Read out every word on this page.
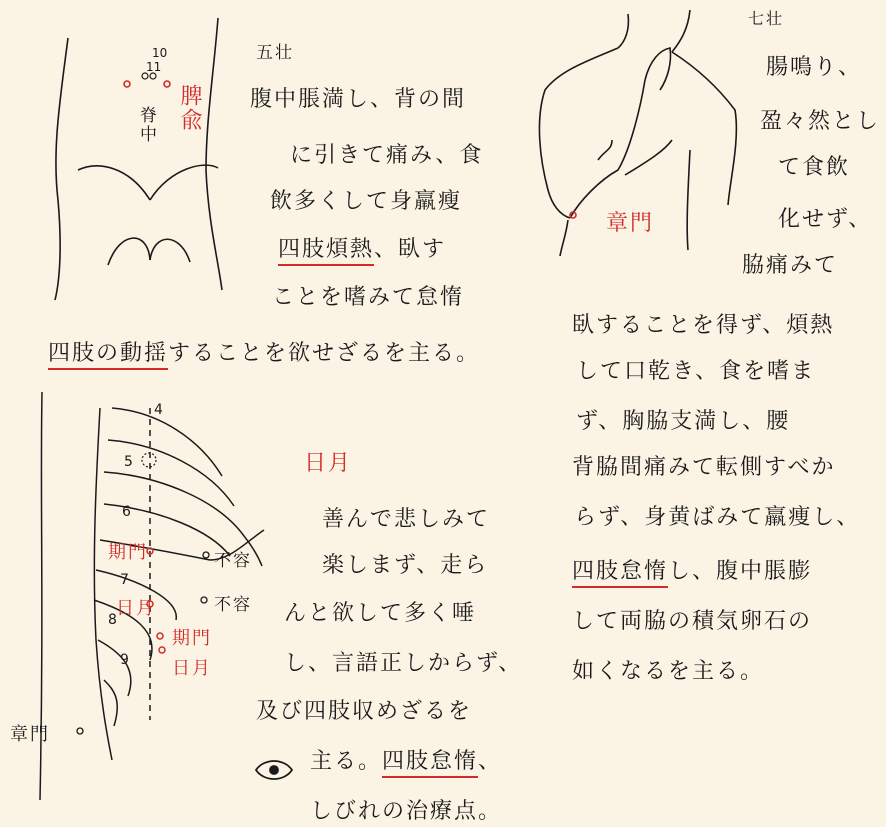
10
11
脾兪
脊中
五壮
腹中脹満し、背の間
に引きて痛み、食
飲多くして身羸瘦
四肢煩熱、臥す
ことを嗜みて怠惰
四肢の動揺することを欲せざるを主る。
章門
七壮
腸鳴り、
盈々然とし
て食飲
化せず、
脇痛みて
臥することを得ず、煩熱
して口乾き、食を嗜ま
ず、胸脇支満し、腰
背脇間痛みて転側すべか
らず、身黄ばみて羸痩し、
四肢怠惰し、腹中脹膨
して両脇の積気卵石の
如くなるを主る。
4
5
6
7
8
9
期門
日月
不容
不容
期門
日月
章門
日月
善んで悲しみて
楽しまず、走ら
んと欲して多く唾
し、言語正しからず、
及び四肢収めざるを
主る。四肢怠惰、
しびれの治療点。
